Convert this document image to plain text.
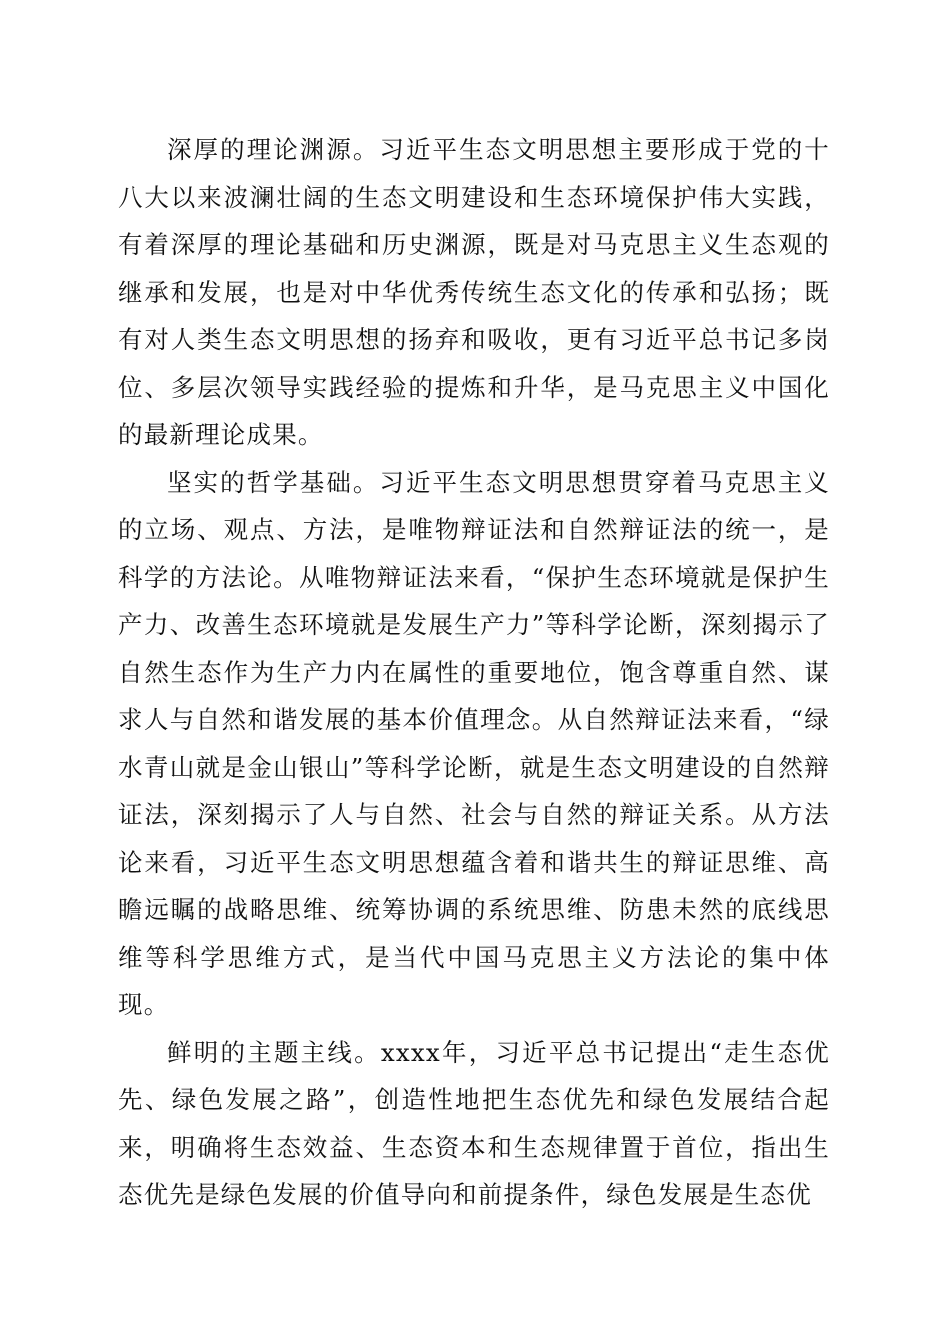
深厚的理论渊源。习近平生态文明思想主要形成于党的十八大以来波澜壮阔的生态文明建设和生态环境保护伟大实践，有着深厚的理论基础和历史渊源，既是对马克思主义生态观的继承和发展，也是对中华优秀传统生态文化的传承和弘扬；既有对人类生态文明思想的扬弃和吸收，更有习近平总书记多岗位、多层次领导实践经验的提炼和升华，是马克思主义中国化的最新理论成果。

坚实的哲学基础。习近平生态文明思想贯穿着马克思主义的立场、观点、方法，是唯物辩证法和自然辩证法的统一，是科学的方法论。从唯物辩证法来看，“保护生态环境就是保护生产力、改善生态环境就是发展生产力”等科学论断，深刻揭示了自然生态作为生产力内在属性的重要地位，饱含尊重自然、谋求人与自然和谐发展的基本价值理念。从自然辩证法来看，“绿水青山就是金山银山”等科学论断，就是生态文明建设的自然辩证法，深刻揭示了人与自然、社会与自然的辩证关系。从方法论来看，习近平生态文明思想蕴含着和谐共生的辩证思维、高瞻远瞩的战略思维、统筹协调的系统思维、防患未然的底线思维等科学思维方式，是当代中国马克思主义方法论的集中体现。

鲜明的主题主线。xxxx年，习近平总书记提出“走生态优先、绿色发展之路”，创造性地把生态优先和绿色发展结合起来，明确将生态效益、生态资本和生态规律置于首位，指出生态优先是绿色发展的价值导向和前提条件，绿色发展是生态优
